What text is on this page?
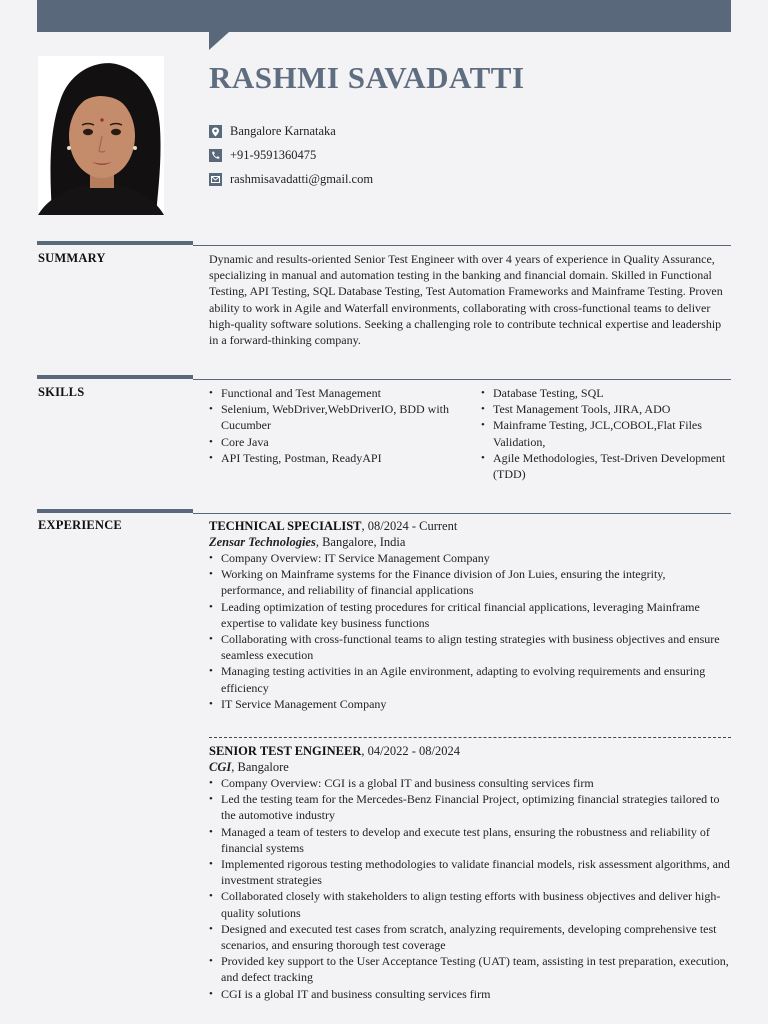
RASHMI SAVADATTI
Bangalore Karnataka
+91-9591360475
rashmisavadatti@gmail.com
SUMMARY	Dynamic and results-oriented Senior Test Engineer with over 4 years of experience in Quality Assurance, specializing in manual and automation testing in the banking and financial domain. Skilled in Functional Testing, API Testing, SQL Database Testing, Test Automation Frameworks and Mainframe Testing. Proven ability to work in Agile and Waterfall environments, collaborating with cross-functional teams to deliver high-quality software solutions. Seeking a challenging role to contribute technical expertise and leadership in a forward-thinking company.

SKILLS
•	Functional and Test Management
• Selenium, WebDriver,WebDriverIO, BDD with Cucumber
• Core Java
• API Testing, Postman, ReadyAPI
• Database Testing, SQL
• Test Management Tools, JIRA, ADO
• Mainframe Testing, JCL,COBOL,Flat Files Validation,
• Agile Methodologies, Test-Driven Development (TDD)
EXPERIENCE	TECHNICAL SPECIALIST, 08/2024 - Current
Zensar Technologies, Bangalore, India
• Company Overview: IT Service Management Company
• Working on Mainframe systems for the Finance division of Jon Luies, ensuring the integrity, performance, and reliability of financial applications
• Leading optimization of testing procedures for critical financial applications, leveraging Mainframe expertise to validate key business functions
• Collaborating with cross-functional teams to align testing strategies with business objectives and ensure seamless execution
• Managing testing activities in an Agile environment, adapting to evolving requirements and ensuring efficiency
• IT Service Management Company
SENIOR TEST ENGINEER, 04/2022 - 08/2024
CGI, Bangalore
• Company Overview: CGI is a global IT and business consulting services firm
• Led the testing team for the Mercedes-Benz Financial Project, optimizing financial strategies tailored to the automotive industry
• Managed a team of testers to develop and execute test plans, ensuring the robustness and reliability of financial systems
• Implemented rigorous testing methodologies to validate financial models, risk assessment algorithms, and investment strategies
• Collaborated closely with stakeholders to align testing efforts with business objectives and deliver high-quality solutions
• Designed and executed test cases from scratch, analyzing requirements, developing comprehensive test scenarios, and ensuring thorough test coverage
• Provided key support to the User Acceptance Testing (UAT) team, assisting in test preparation, execution, and defect tracking
• CGI is a global IT and business consulting services firm
